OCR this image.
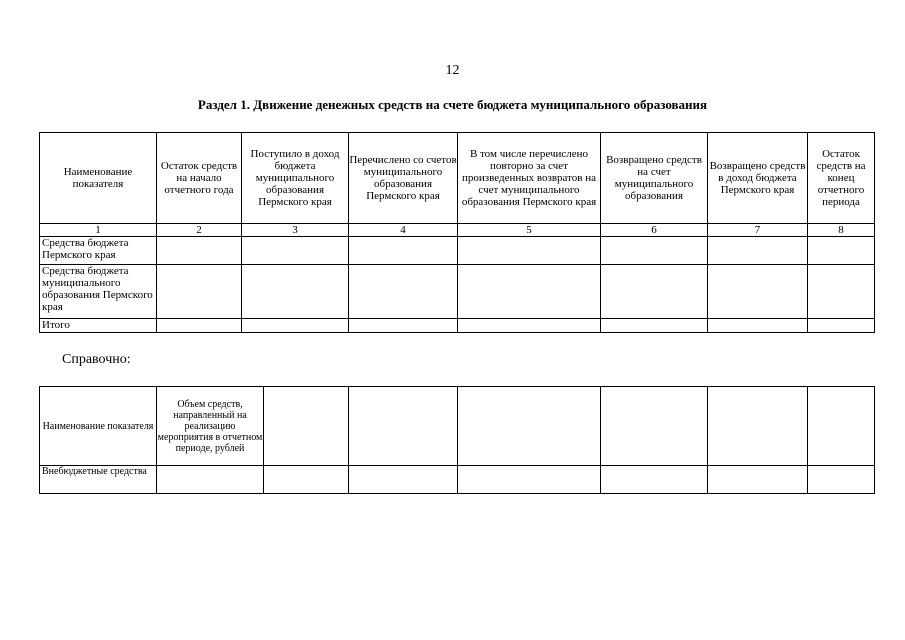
12
Раздел 1. Движение денежных средств на счете бюджета муниципального образования
Наименование показателя	Остаток средств на начало отчетного года	Поступило в доход бюджета муниципального образования Пермского края	Перечислено со счетов муниципального образования Пермского края	В том числе перечислено повторно за счет произведенных возвратов на счет муниципального образования Пермского края	Возвращено средств на счет муниципального образования	Возвращено средств в доход бюджета Пермского края	Остаток средств на конец отчетного периода
1	2	3	4	5	6	7	8
Средства бюджета Пермского края							
Средства бюджета муниципального образования Пермского края							
Итого							
Справочно:
Наименование показателя	Объем средств, направленный на реализацию мероприятия в отчетном периоде, рублей						
Внебюджетные средства							
